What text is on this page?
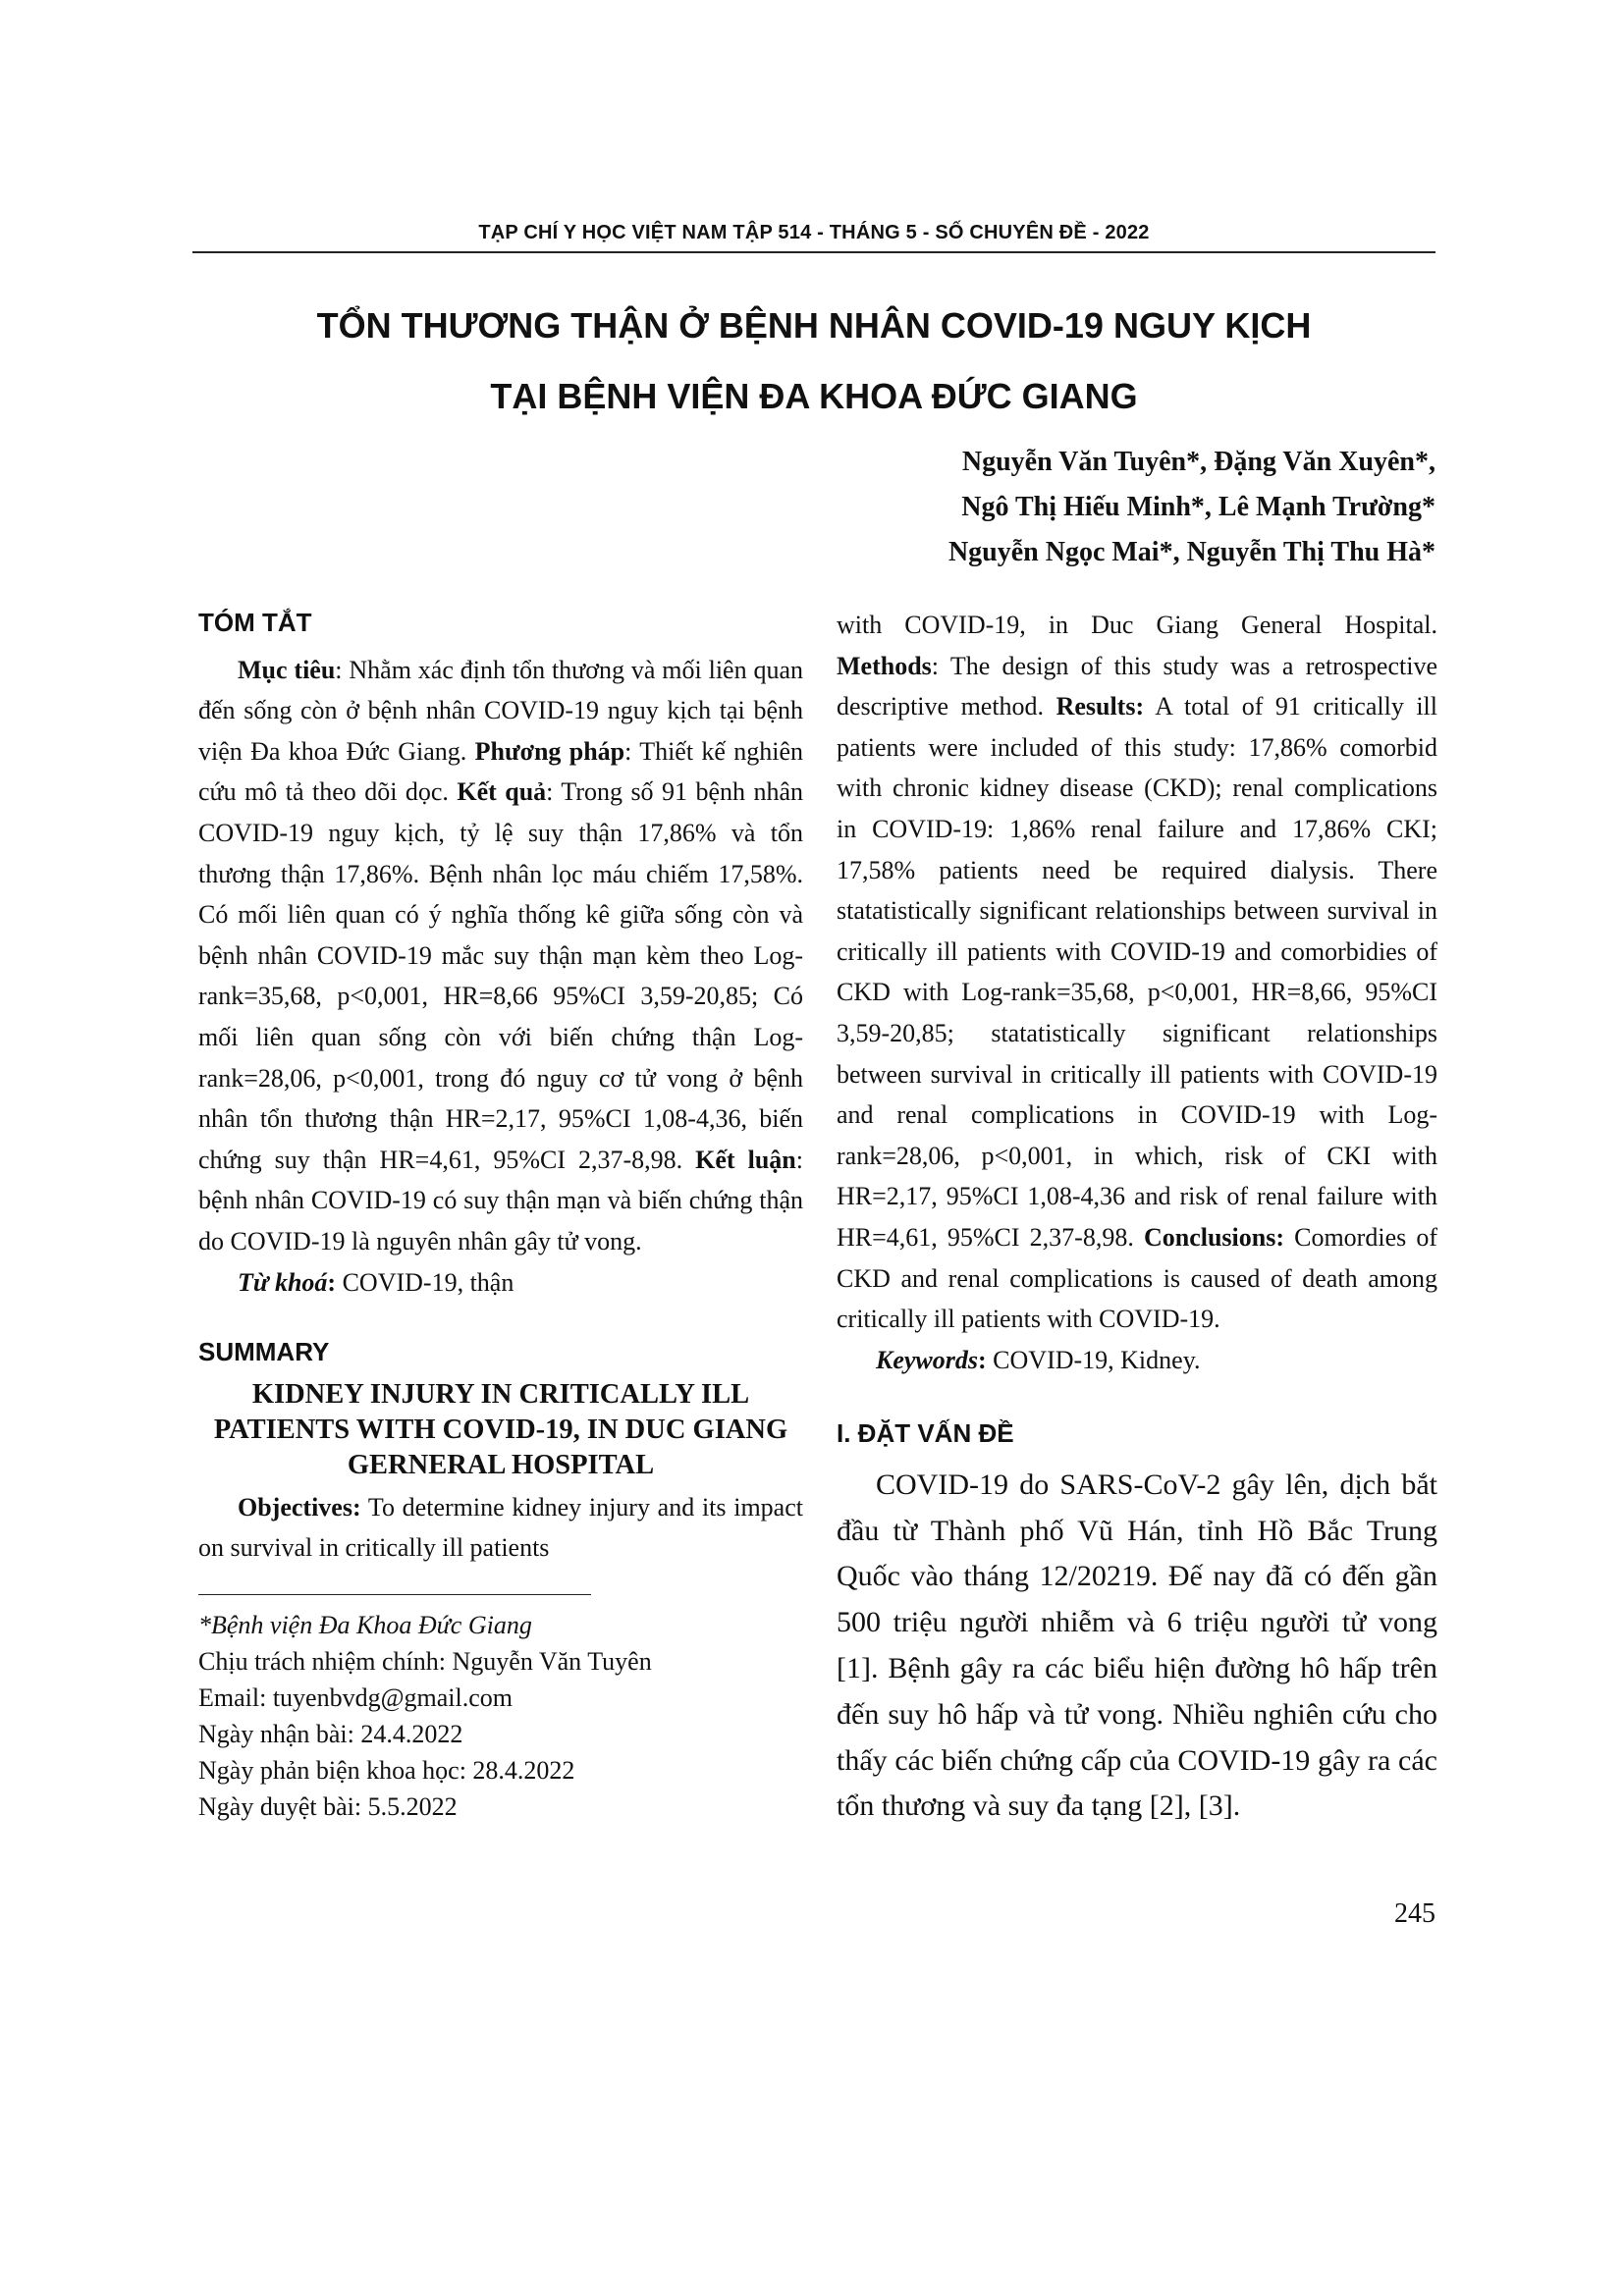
TẠP CHÍ Y HỌC VIỆT NAM TẬP 514 - THÁNG 5 - SỐ CHUYÊN ĐỀ - 2022
TỔN THƯƠNG THẬN Ở BỆNH NHÂN COVID-19 NGUY KỊCH
TẠI BỆNH VIỆN ĐA KHOA ĐỨC GIANG
Nguyễn Văn Tuyên*, Đặng Văn Xuyên*,
Ngô Thị Hiếu Minh*, Lê Mạnh Trường*
Nguyễn Ngọc Mai*, Nguyễn Thị Thu Hà*
TÓM TẮT

Mục tiêu: Nhằm xác định tổn thương và mối liên quan đến sống còn ở bệnh nhân COVID-19 nguy kịch tại bệnh viện Đa khoa Đức Giang. Phương pháp: Thiết kế nghiên cứu mô tả theo dõi dọc. Kết quả: Trong số 91 bệnh nhân COVID-19 nguy kịch, tỷ lệ suy thận 17,86% và tổn thương thận 17,86%. Bệnh nhân lọc máu chiếm 17,58%. Có mối liên quan có ý nghĩa thống kê giữa sống còn và bệnh nhân COVID-19 mắc suy thận mạn kèm theo Log-rank=35,68, p<0,001, HR=8,66 95%CI 3,59-20,85; Có mối liên quan sống còn với biến chứng thận Log-rank=28,06, p<0,001, trong đó nguy cơ tử vong ở bệnh nhân tổn thương thận HR=2,17, 95%CI 1,08-4,36, biến chứng suy thận HR=4,61, 95%CI 2,37-8,98. Kết luận: bệnh nhân COVID-19 có suy thận mạn và biến chứng thận do COVID-19 là nguyên nhân gây tử vong.

Từ khoá: COVID-19, thận

SUMMARY
KIDNEY INJURY IN CRITICALLY ILL PATIENTS WITH COVID-19, IN DUC GIANG GERNERAL HOSPITAL

Objectives: To determine kidney injury and its impact on survival in critically ill patients

*Bệnh viện Đa Khoa Đức Giang
Chịu trách nhiệm chính: Nguyễn Văn Tuyên
Email: tuyenbvdg@gmail.com
Ngày nhận bài: 24.4.2022
Ngày phản biện khoa học: 28.4.2022
Ngày duyệt bài: 5.5.2022

with COVID-19, in Duc Giang General Hospital. Methods: The design of this study was a retrospective descriptive method. Results: A total of 91 critically ill patients were included of this study: 17,86% comorbid with chronic kidney disease (CKD); renal complications in COVID-19: 1,86% renal failure and 17,86% CKI; 17,58% patients need be required dialysis. There statatistically significant relationships between survival in critically ill patients with COVID-19 and comorbidies of CKD with Log-rank=35,68, p<0,001, HR=8,66, 95%CI 3,59-20,85; statatistically significant relationships between survival in critically ill patients with COVID-19 and renal complications in COVID-19 with Log-rank=28,06, p<0,001, in which, risk of CKI with HR=2,17, 95%CI 1,08-4,36 and risk of renal failure with HR=4,61, 95%CI 2,37-8,98. Conclusions: Comordies of CKD and renal complications is caused of death among critically ill patients with COVID-19.

Keywords: COVID-19, Kidney.

I. ĐẶT VẤN ĐỀ

COVID-19 do SARS-CoV-2 gây lên, dịch bắt đầu từ Thành phố Vũ Hán, tỉnh Hồ Bắc Trung Quốc vào tháng 12/20219. Đế nay đã có đến gần 500 triệu người nhiễm và 6 triệu người tử vong [1]. Bệnh gây ra các biểu hiện đường hô hấp trên đến suy hô hấp và tử vong. Nhiều nghiên cứu cho thấy các biến chứng cấp của COVID-19 gây ra các tổn thương và suy đa tạng [2], [3].

245
